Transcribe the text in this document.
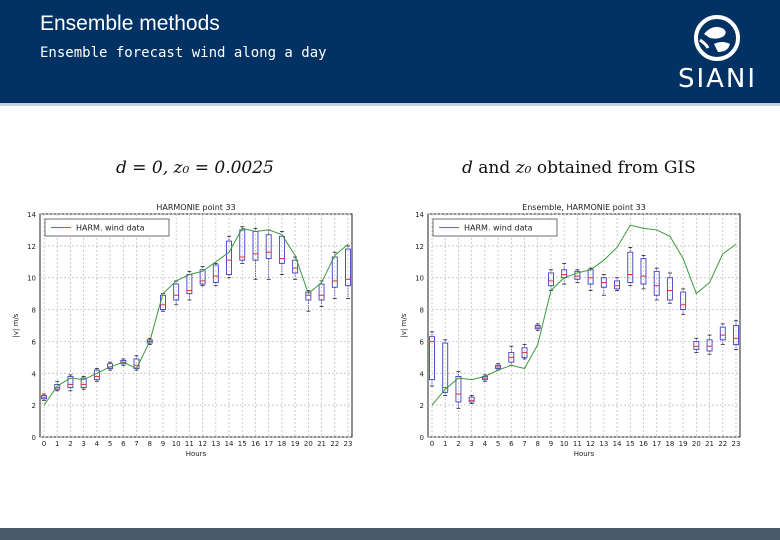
Ensemble methods
Ensemble forecast wind along a day
SIANI
d = 0, z₀ = 0.0025	d and z₀ obtained from GIS
0
2
4
6
8
10
12
14
0 1 2 3 4 5 6 7 8 9 10 11 12 13 14 15 16 17 18 19 20 21 22 23
HARMONIE point 33
Hours
|v| m/s
HARM. wind data
0
2
4
6
8
10
12
14
0 1 2 3 4 5 6 7 8 9 10 11 12 13 14 15 16 17 18 19 20 21 22 23
Ensemble, HARMONIE point 33
Hours
|v| m/s
HARM. wind data
